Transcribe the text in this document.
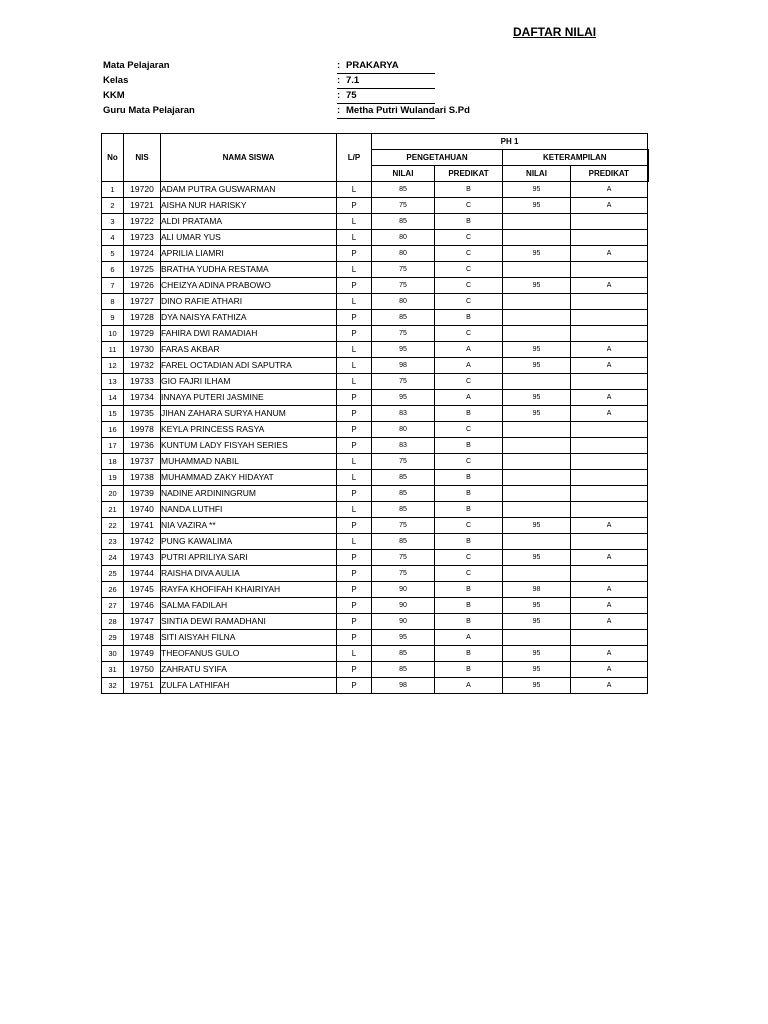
DAFTAR NILAI
Mata Pelajaran	: PRAKARYA
Kelas	: 7.1
KKM	: 75
Guru Mata Pelajaran	: Metha Putri Wulandari S.Pd
No	NIS	NAMA SISWA	L/P	PH 1			
				PENGETAHUAN		KETERAMPILAN	
				NILAI	PREDIKAT	NILAI	PREDIKAT
1	19720	ADAM PUTRA GUSWARMAN	L	85	B	95	A
2	19721	AISHA NUR HARISKY	P	75	C	95	A
3	19722	ALDI PRATAMA	L	85	B		
4	19723	ALI UMAR YUS	L	80	C		
5	19724	APRILIA LIAMRI	P	80	C	95	A
6	19725	BRATHA YUDHA RESTAMA	L	75	C		
7	19726	CHEIZYA ADINA PRABOWO	P	75	C	95	A
8	19727	DINO RAFIE ATHARI	L	80	C		
9	19728	DYA NAISYA FATHIZA	P	85	B		
10	19729	FAHIRA DWI RAMADIAH	P	75	C		
11	19730	FARAS AKBAR	L	95	A	95	A
12	19732	FAREL OCTADIAN ADI SAPUTRA	L	98	A	95	A
13	19733	GIO FAJRI ILHAM	L	75	C		
14	19734	INNAYA PUTERI JASMINE	P	95	A	95	A
15	19735	JIHAN ZAHARA SURYA HANUM	P	83	B	95	A
16	19978	KEYLA PRINCESS RASYA	P	80	C		
17	19736	KUNTUM LADY FISYAH SERIES	P	83	B		
18	19737	MUHAMMAD NABIL	L	75	C		
19	19738	MUHAMMAD ZAKY HIDAYAT	L	85	B		
20	19739	NADINE ARDININGRUM	P	85	B		
21	19740	NANDA LUTHFI	L	85	B		
22	19741	NIA VAZIRA **	P	75	C	95	A
23	19742	PUNG KAWALIMA	L	85	B		
24	19743	PUTRI APRILIYA SARI	P	75	C	95	A
25	19744	RAISHA DIVA AULIA	P	75	C		
26	19745	RAYFA KHOFIFAH KHAIRIYAH	P	90	B	98	A
27	19746	SALMA FADILAH	P	90	B	95	A
28	19747	SINTIA DEWI RAMADHANI	P	90	B	95	A
29	19748	SITI AISYAH FILNA	P	95	A		
30	19749	THEOFANUS GULO	L	85	B	95	A
31	19750	ZAHRATU SYIFA	P	85	B	95	A
32	19751	ZULFA LATHIFAH	P	98	A	95	A
